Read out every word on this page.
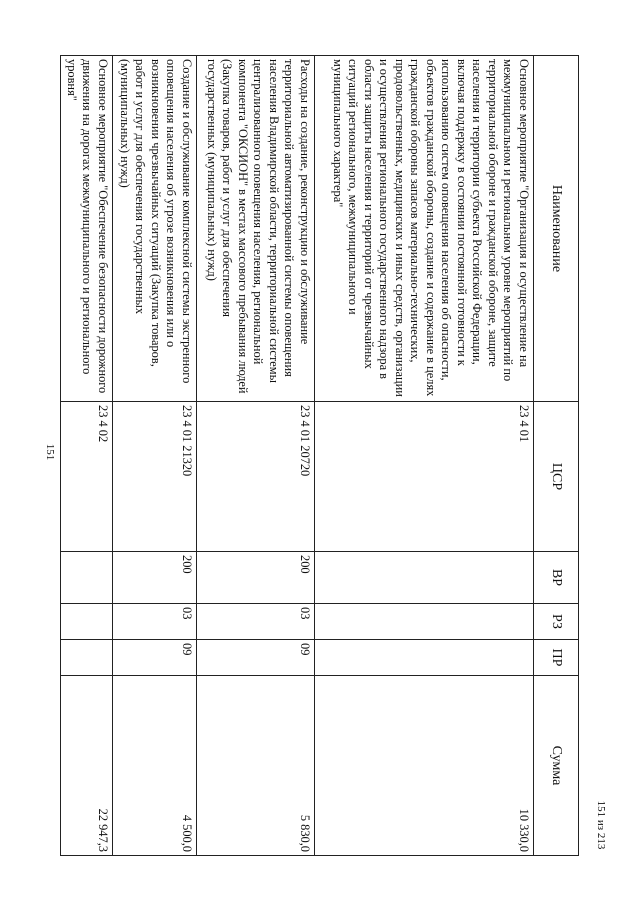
151
Наименование	ЦСР	ВР	РЗ	ПР	Сумма
Основное мероприятие "Организация и осуществление на межмуниципальном и региональном уровне мероприятий по территориальной обороне и гражданской обороне, защите населения и территории субъекта Российской Федерации, включая поддержку в состоянии постоянной готовности к использованию систем оповещения населения об опасности, объектов гражданской обороны, создание и содержание в целях гражданской обороны запасов материально-технических, продовольственных, медицинских и иных средств, организации и осуществления регионального государственного надзора в области защиты населения и территорий от чрезвычайных ситуаций регионального, межмуниципального и муниципального характера"	23 4 01				10 330,0
Расходы на создание, реконструкцию и обслуживание территориальной автоматизированной системы оповещения населения Владимирской области, территориальной системы централизованного оповещения населения, региональной компонента "ОКСИОН" в местах массового пребывания людей (Закупка товаров, работ и услуг для обеспечения государственных (муниципальных) нужд)	23 4 01 20720	200	03	09	5 830,0
Создание и обслуживание комплексной системы экстренного оповещения населения об угрозе возникновения или о возникновении чрезвычайных ситуаций (Закупка товаров, работ и услуг для обеспечения государственных (муниципальных) нужд)	23 4 01 21320	200	03	09	4 500,0
Основное мероприятие "Обеспечение безопасности дорожного движения на дорогах межмуниципального и регионального уровня"	23 4 02				22 947,3	151 из 213
